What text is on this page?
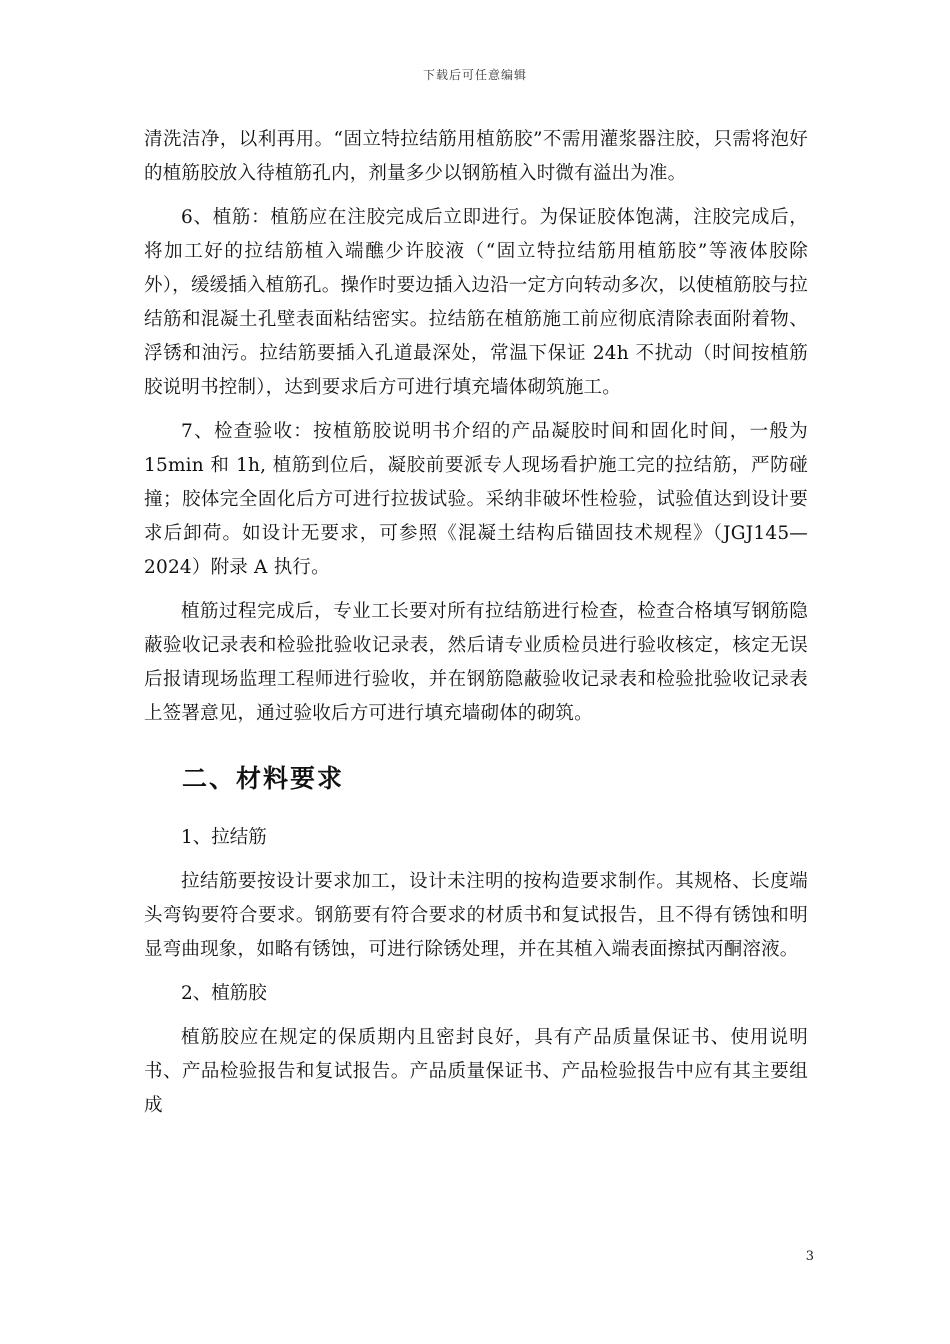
下载后可任意编辑

清洗洁净，以利再用。“固立特拉结筋用植筋胶”不需用灌浆器注胶，只需将泡好的植筋胶放入待植筋孔内，剂量多少以钢筋植入时微有溢出为准。

6、植筋：植筋应在注胶完成后立即进行。为保证胶体饱满，注胶完成后，将加工好的拉结筋植入端醮少许胶液（“固立特拉结筋用植筋胶”等液体胶除外），缓缓插入植筋孔。操作时要边插入边沿一定方向转动多次，以使植筋胶与拉结筋和混凝土孔壁表面粘结密实。拉结筋在植筋施工前应彻底清除表面附着物、浮锈和油污。拉结筋要插入孔道最深处，常温下保证 24h 不扰动（时间按植筋胶说明书控制），达到要求后方可进行填充墙体砌筑施工。

7、检查验收：按植筋胶说明书介绍的产品凝胶时间和固化时间，一般为 15min 和 1h, 植筋到位后，凝胶前要派专人现场看护施工完的拉结筋，严防碰撞；胶体完全固化后方可进行拉拔试验。采纳非破坏性检验，试验值达到设计要求后卸荷。如设计无要求，可参照《混凝土结构后锚固技术规程》（JGJ145—2024）附录 A 执行。

植筋过程完成后，专业工长要对所有拉结筋进行检查，检查合格填写钢筋隐蔽验收记录表和检验批验收记录表，然后请专业质检员进行验收核定，核定无误后报请现场监理工程师进行验收，并在钢筋隐蔽验收记录表和检验批验收记录表上签署意见，通过验收后方可进行填充墙砌体的砌筑。

二、材料要求

1、拉结筋

拉结筋要按设计要求加工，设计未注明的按构造要求制作。其规格、长度端头弯钩要符合要求。钢筋要有符合要求的材质书和复试报告，且不得有锈蚀和明显弯曲现象，如略有锈蚀，可进行除锈处理，并在其植入端表面擦拭丙酮溶液。

2、植筋胶

植筋胶应在规定的保质期内且密封良好，具有产品质量保证书、使用说明书、产品检验报告和复试报告。产品质量保证书、产品检验报告中应有其主要组成

3
